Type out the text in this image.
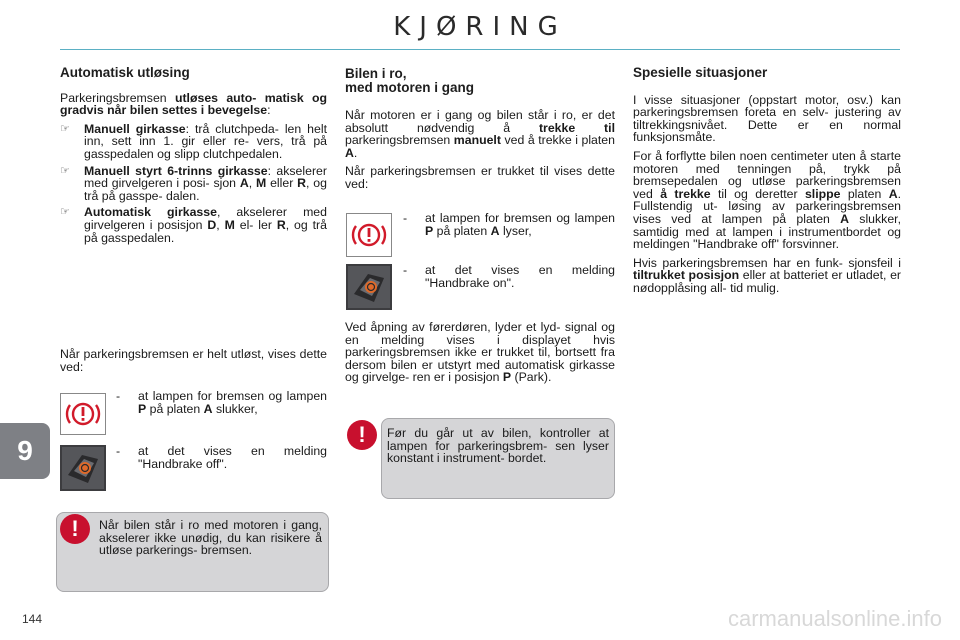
KJØRING
Automatisk utløsing

Parkeringsbremsen utløses auto- matisk og gradvis når bilen settes i bevegelse:

☞ Manuell girkasse: trå clutchpeda- len helt inn, sett inn 1. gir eller re- vers, trå på gasspedalen og slipp clutchpedalen.
☞ Manuell styrt 6-trinns girkasse: akselerer med girvelgeren i posi- sjon A, M eller R, og trå på gasspe- dalen.
☞ Automatisk girkasse, akselerer med girvelgeren i posisjon D, M el- ler R, og trå på gasspedalen.

Når parkeringsbremsen er helt utløst, vises dette ved:

- at lampen for bremsen og lampen P på platen A slukker,
- at det vises en melding "Handbrake off".
!
Når bilen står i ro med motoren i gang, akselerer ikke unødig, du kan risikere å utløse parkerings- bremsen.
Bilen i ro,
med motoren i gang

Når motoren er i gang og bilen står i ro, er det absolutt nødvendig å trekke til parkeringsbremsen manuelt ved å trekke i platen A.

Når parkeringsbremsen er trukket til vises dette ved:

- at lampen for bremsen og lampen P på platen A lyser,
- at det vises en melding "Handbrake on".

Ved åpning av førerdøren, lyder et lyd- signal og en melding vises i displayet hvis parkeringsbremsen ikke er trukket til, bortsett fra dersom bilen er utstyrt med automatisk girkasse og girvelge- ren er i posisjon P (Park).

!
Før du går ut av bilen, kontroller at lampen for parkeringsbrem- sen lyser konstant i instrument- bordet.
Spesielle situasjoner

I visse situasjoner (oppstart motor, osv.) kan parkeringsbremsen foreta en selv- justering av tiltrekkingsnivået. Dette er en normal funksjonsmåte.

For å forflytte bilen noen centimeter uten å starte motoren med tenningen på, trykk på bremsepedalen og utløse parkeringsbremsen ved å trekke til og deretter slippe platen A. Fullstendig ut- løsing av parkeringsbremsen vises ved at lampen på platen A slukker, samtidig med at lampen i instrumentbordet og meldingen "Handbrake off" forsvinner.

Hvis parkeringsbremsen har en funk- sjonsfeil i tiltrukket posisjon eller at batteriet er utladet, er nødopplåsing all- tid mulig.

9
144	carmanualsonline.info
